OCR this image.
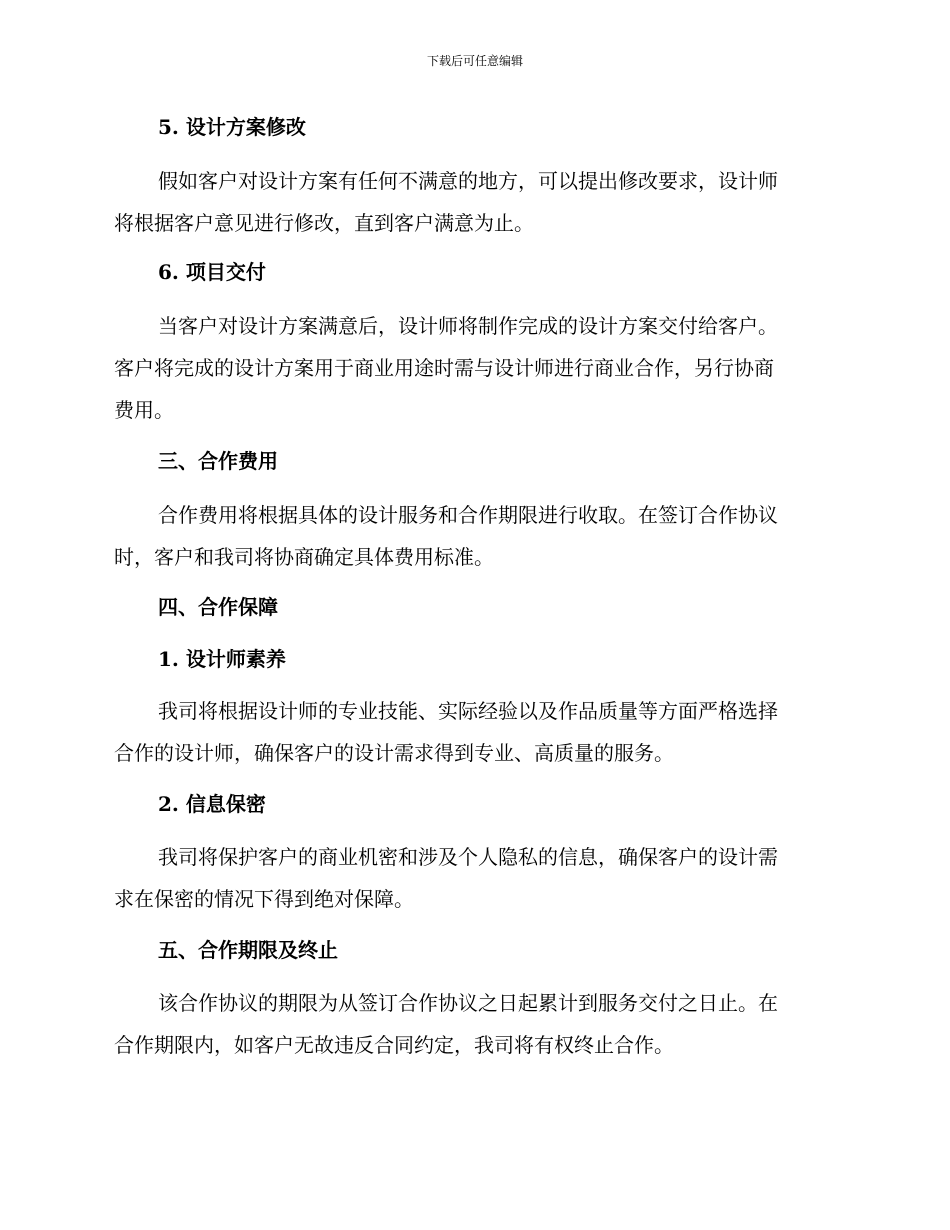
下载后可任意编辑
5. 设计方案修改
假如客户对设计方案有任何不满意的地方，可以提出修改要求，设计师
将根据客户意见进行修改，直到客户满意为止。
6. 项目交付
当客户对设计方案满意后，设计师将制作完成的设计方案交付给客户。
客户将完成的设计方案用于商业用途时需与设计师进行商业合作，另行协商
费用。
三、合作费用
合作费用将根据具体的设计服务和合作期限进行收取。在签订合作协议
时，客户和我司将协商确定具体费用标准。
四、合作保障
1. 设计师素养
我司将根据设计师的专业技能、实际经验以及作品质量等方面严格选择
合作的设计师，确保客户的设计需求得到专业、高质量的服务。
2. 信息保密
我司将保护客户的商业机密和涉及个人隐私的信息，确保客户的设计需
求在保密的情况下得到绝对保障。
五、合作期限及终止
该合作协议的期限为从签订合作协议之日起累计到服务交付之日止。在
合作期限内，如客户无故违反合同约定，我司将有权终止合作。
